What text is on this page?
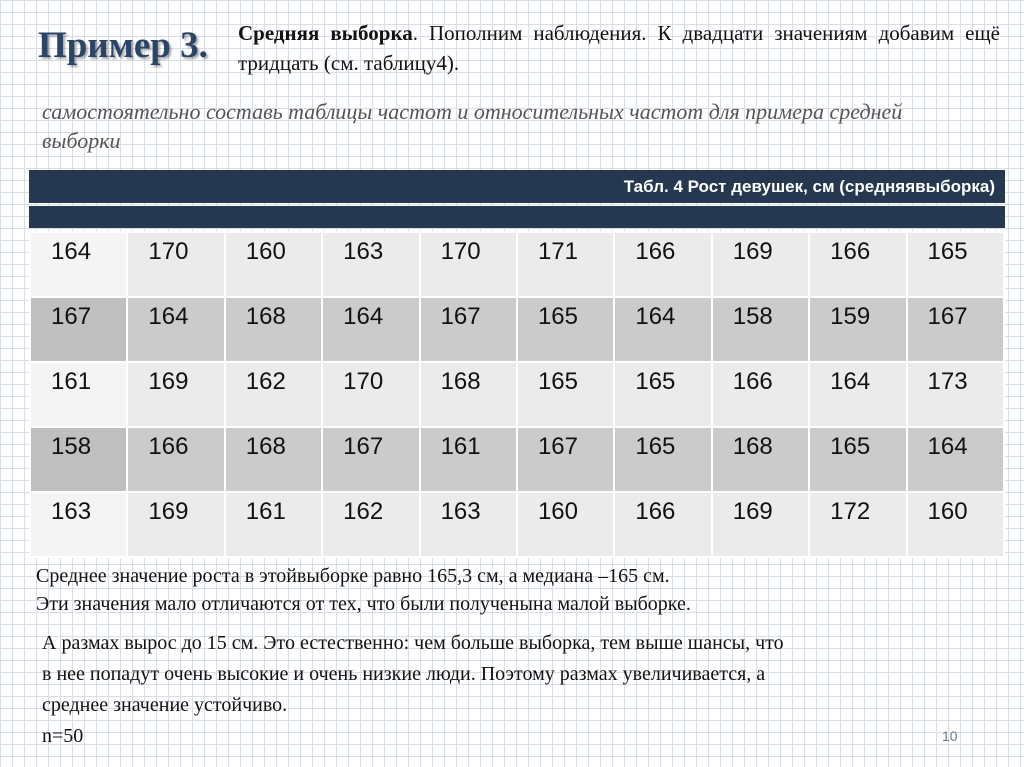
Пример 3. Средняя выборка. Пополним наблюдения. К двадцати значениям добавим ещё тридцать (см. таблицу4).
самостоятельно составь таблицы частот и относительных частот для примера средней выборки
Табл. 4 Рост девушек, см (средняявыборка)
164	170	160	163	170	171	166	169	166	165
167	164	168	164	167	165	164	158	159	167
161	169	162	170	168	165	165	166	164	173
158	166	168	167	161	167	165	168	165	164
163	169	161	162	163	160	166	169	172	160
Среднее значение роста в этойвыборке равно 165,3 см, а медиана –165 см.
Эти значения мало отличаются от тех, что были полученына малой выборке.
А размах вырос до 15 см. Это естественно: чем больше выборка, тем выше шансы, что
в нее попадут очень высокие и очень низкие люди. Поэтому размах увеличивается, а
среднее значение устойчиво.
n=50	10
